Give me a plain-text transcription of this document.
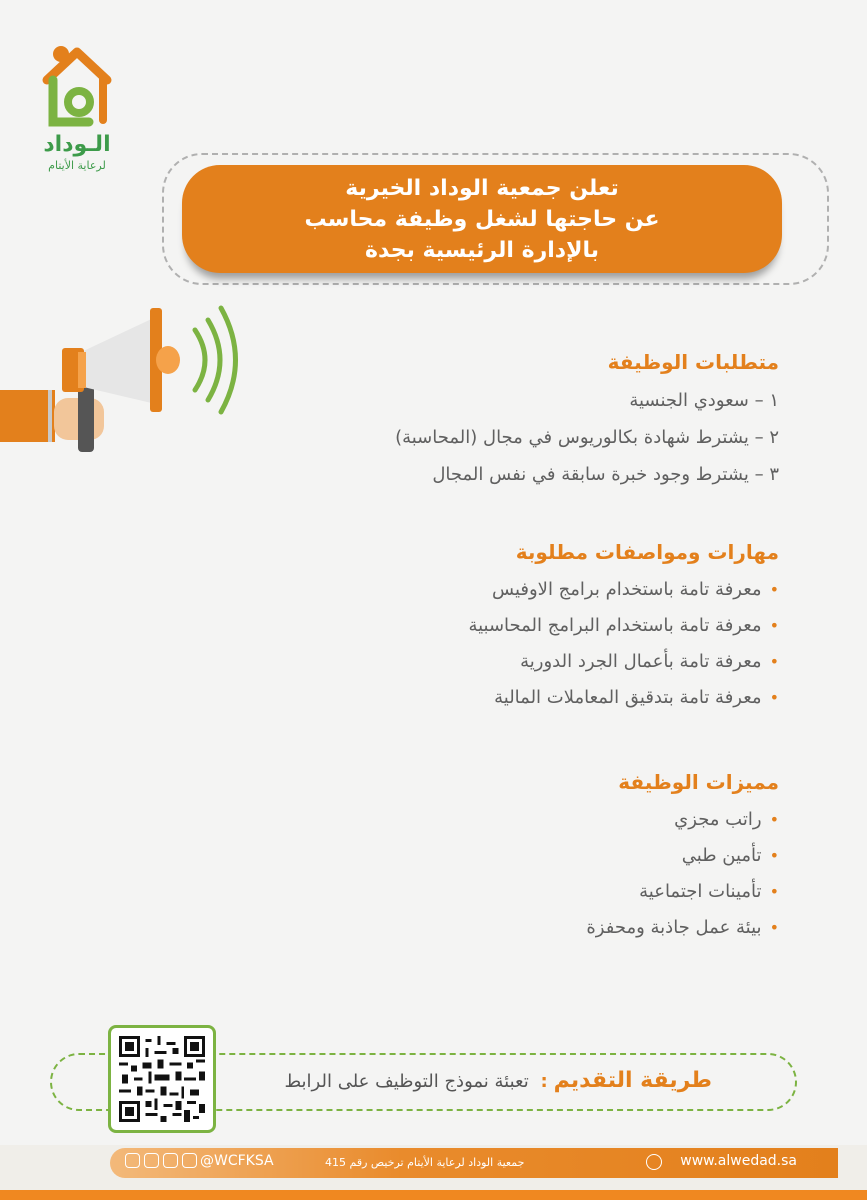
الـوداد
لرعاية الأيتام
تعلن جمعية الوداد الخيرية
عن حاجتها لشغل وظيفة محاسب
بالإدارة الرئيسية بجدة
متطلبات الوظيفة
١ – سعودي الجنسية
٢ – يشترط شهادة بكالوريوس في مجال (المحاسبة)
٣ – يشترط وجود خبرة سابقة في نفس المجال
مهارات ومواصفات مطلوبة
• معرفة تامة باستخدام برامج الاوفيس
• معرفة تامة باستخدام البرامج المحاسبية
• معرفة تامة بأعمال الجرد الدورية
• معرفة تامة بتدقيق المعاملات المالية
مميزات الوظيفة
• راتب مجزي
• تأمين طبي
• تأمينات اجتماعية
• بيئة عمل جاذبة ومحفزة
طريقة التقديم: تعبئة نموذج التوظيف على الرابط
www.alwedad.sa
جمعية الوداد لرعاية الأيتام ترخيص رقم 415
@WCFKSA
